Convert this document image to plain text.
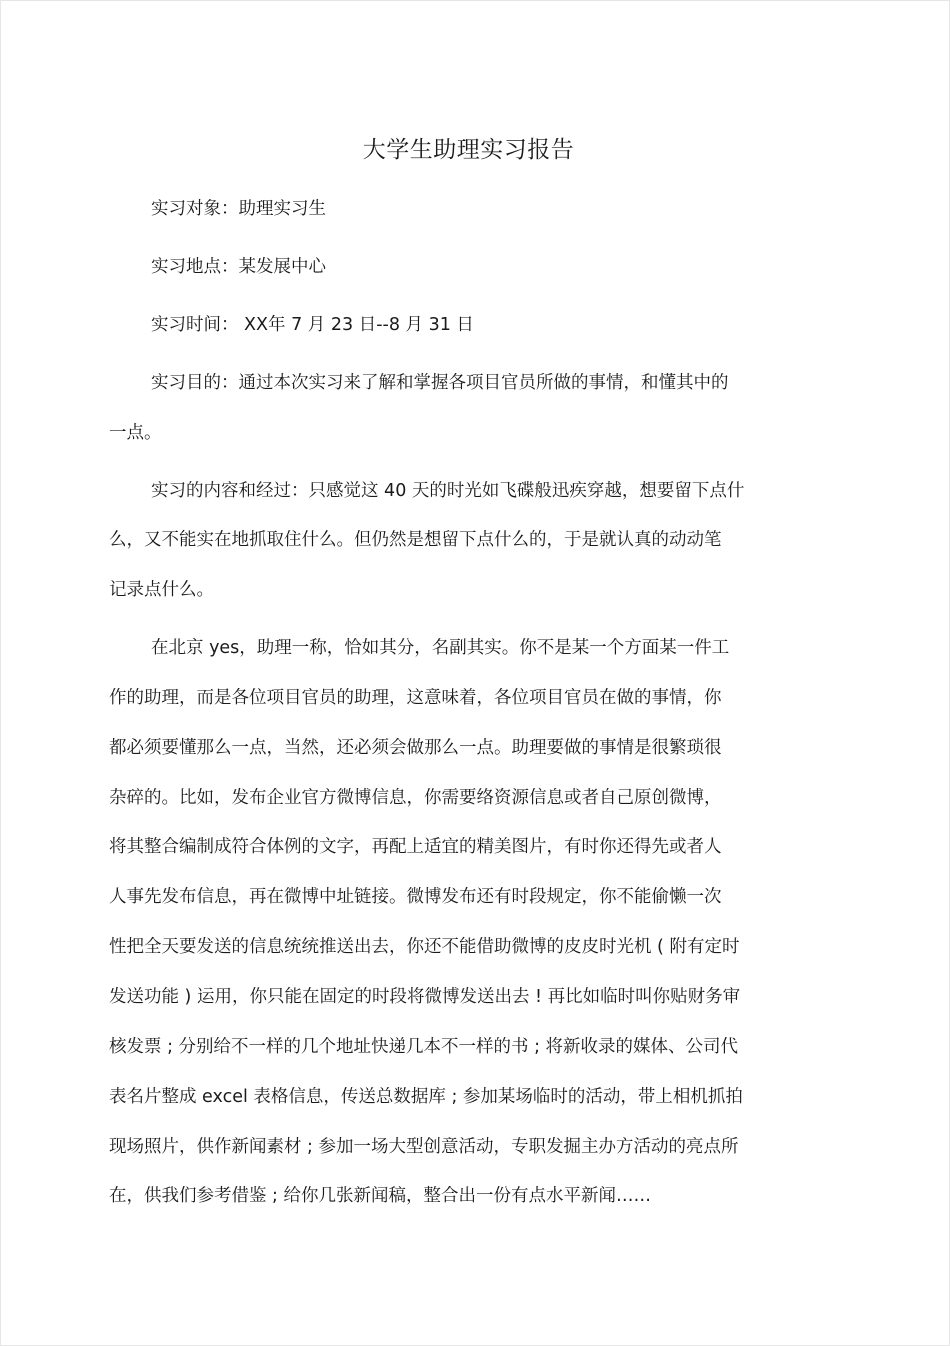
大学生助理实习报告
实习对象：助理实习生
实习地点：某发展中心
实习时间： XX年 7 月 23 日--8 月 31 日
实习目的：通过本次实习来了解和掌握各项目官员所做的事情，和懂其中的
一点。
实习的内容和经过：只感觉这 40 天的时光如飞碟般迅疾穿越，想要留下点什
么，又不能实在地抓取住什么。但仍然是想留下点什么的，于是就认真的动动笔
记录点什么。
在北京 yes，助理一称，恰如其分，名副其实。你不是某一个方面某一件工
作的助理，而是各位项目官员的助理，这意味着，各位项目官员在做的事情，你
都必须要懂那么一点，当然，还必须会做那么一点。助理要做的事情是很繁琐很
杂碎的。比如，发布企业官方微博信息，你需要络资源信息或者自己原创微博，
将其整合编制成符合体例的文字，再配上适宜的精美图片，有时你还得先或者人
人事先发布信息，再在微博中址链接。微博发布还有时段规定，你不能偷懒一次
性把全天要发送的信息统统推送出去，你还不能借助微博的皮皮时光机 ( 附有定时
发送功能 ) 运用，你只能在固定的时段将微博发送出去 ! 再比如临时叫你贴财务审
核发票 ; 分别给不一样的几个地址快递几本不一样的书 ; 将新收录的媒体、公司代
表名片整成 excel 表格信息，传送总数据库 ; 参加某场临时的活动，带上相机抓拍
现场照片，供作新闻素材 ; 参加一场大型创意活动，专职发掘主办方活动的亮点所
在，供我们参考借鉴 ; 给你几张新闻稿，整合出一份有点水平新闻……
